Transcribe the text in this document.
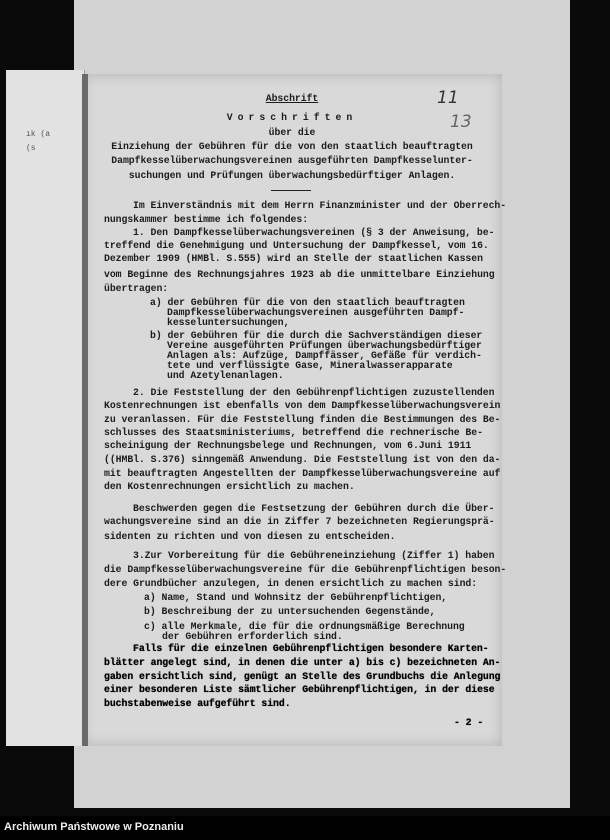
ık (a
(s
11
13
Abschrift
Vorschriften
über die
Einziehung der Gebühren für die von den staatlich beauftragten
Dampfkesselüberwachungsvereinen ausgeführten Dampfkesselunter-
suchungen und Prüfungen überwachungsbedürftiger Anlagen.
Im Einverständnis mit dem Herrn Finanzminister und der Oberrech-
nungskammer bestimme ich folgendes:
1. Den Dampfkesselüberwachungsvereinen (§ 3 der Anweisung, be-
treffend die Genehmigung und Untersuchung der Dampfkessel, vom 16.
Dezember 1909 (HMBl. S.555) wird an Stelle der staatlichen Kassen
vom Beginne des Rechnungsjahres 1923 ab die unmittelbare Einziehung
übertragen:
a) der Gebühren für die von den staatlich beauftragten
Dampfkesselüberwachungsvereinen ausgeführten Dampf-
kesseluntersuchungen,
b) der Gebühren für die durch die Sachverständigen dieser
Vereine ausgeführten Prüfungen überwachungsbedürftiger
Anlagen als: Aufzüge, Dampffässer, Gefäße für verdich-
tete und verflüssigte Gase, Mineralwasserapparate
und Azetylenanlagen.
2. Die Feststellung der den Gebührenpflichtigen zuzustellenden
Kostenrechnungen ist ebenfalls von dem Dampfkesselüberwachungsverein
zu veranlassen. Für die Feststellung finden die Bestimmungen des Be-
schlusses des Staatsministeriums, betreffend die rechnerische Be-
scheinigung der Rechnungsbelege und Rechnungen, vom 6.Juni 1911
((HMBl. S.376) sinngemäß Anwendung. Die Feststellung ist von den da-
mit beauftragten Angestellten der Dampfkesselüberwachungsvereine auf
den Kostenrechnungen ersichtlich zu machen.
Beschwerden gegen die Festsetzung der Gebühren durch die Über-
wachungsvereine sind an die in Ziffer 7 bezeichneten Regierungsprä-
sidenten zu richten und von diesen zu entscheiden.
3.Zur Vorbereitung für die Gebühreneinziehung (Ziffer 1) haben
die Dampfkesselüberwachungsvereine für die Gebührenpflichtigen beson-
dere Grundbücher anzulegen, in denen ersichtlich zu machen sind:
a) Name, Stand und Wohnsitz der Gebührenpflichtigen,
b) Beschreibung der zu untersuchenden Gegenstände,
c) alle Merkmale, die für die ordnungsmäßige Berechnung
der Gebühren erforderlich sind.
Falls für die einzelnen Gebührenpflichtigen besondere Karten-
blätter angelegt sind, in denen die unter a) bis c) bezeichneten An-
gaben ersichtlich sind, genügt an Stelle des Grundbuchs die Anlegung
einer besonderen Liste sämtlicher Gebührenpflichtigen, in der diese
buchstabenweise aufgeführt sind.
- 2 -
Archiwum Państwowe w Poznaniu
